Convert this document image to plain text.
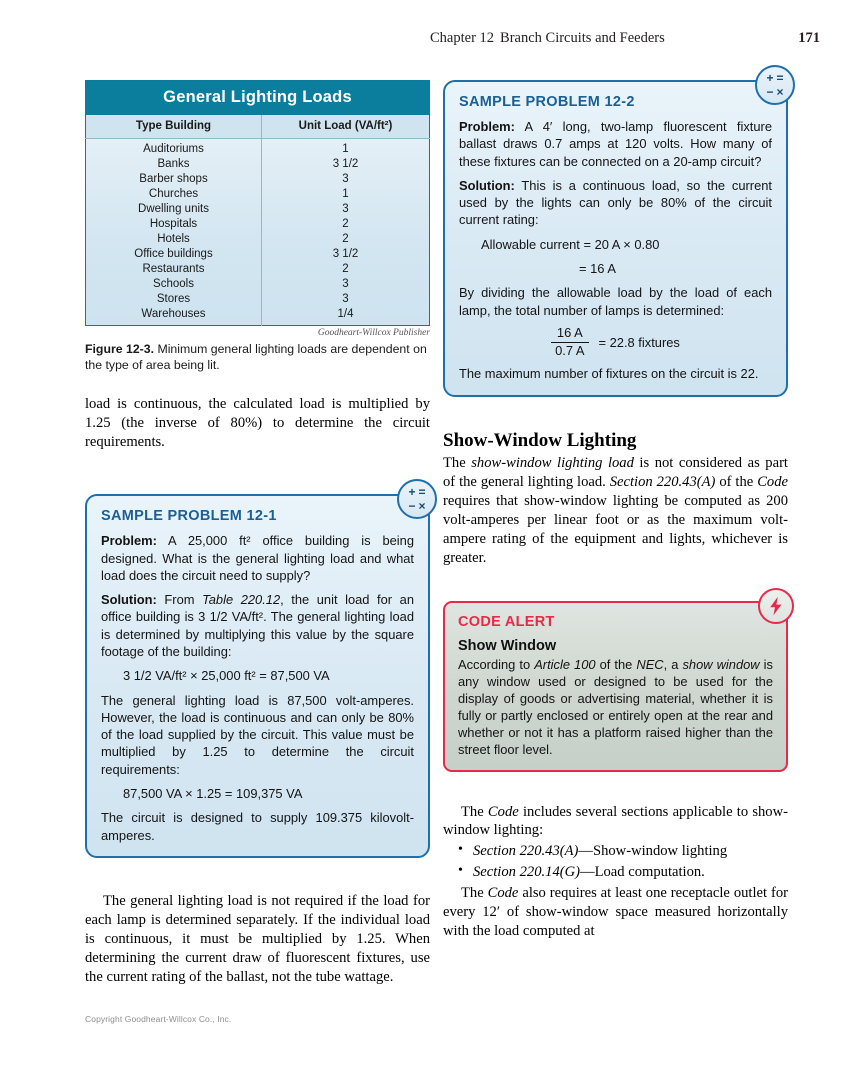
Chapter 12 Branch Circuits and Feeders	171
General Lighting Loads	
Type Building	Unit Load (VA/ft²)
Auditoriums	1
Banks	3 1/2
Barber shops	3
Churches	1
Dwelling units	3
Hospitals	2
Hotels	2
Office buildings	3 1/2
Restaurants	2
Schools	3
Stores	3
Warehouses	1/4
Goodheart-Willcox Publisher
Figure 12-3. Minimum general lighting loads are dependent on the type of area being lit.

load is continuous, the calculated load is multiplied by 1.25 (the inverse of 80%) to determine the circuit requirements.

+ =
− ×
SAMPLE PROBLEM 12-1

Problem: A 25,000 ft² office building is being designed. What is the general lighting load and what load does the circuit need to supply?

Solution: From Table 220.12, the unit load for an office building is 3 1/2 VA/ft². The general lighting load is determined by multiplying this value by the square footage of the building:

3 1/2 VA/ft² × 25,000 ft² = 87,500 VA

The general lighting load is 87,500 volt-amperes. However, the load is continuous and can only be 80% of the load supplied by the circuit. This value must be multiplied by 1.25 to determine the circuit requirements:

87,500 VA × 1.25 = 109,375 VA

The circuit is designed to supply 109.375 kilovolt-amperes.

The general lighting load is not required if the load for each lamp is determined separately. If the individual load is continuous, it must be multiplied by 1.25. When determining the current draw of fluorescent fixtures, use the current rating of the ballast, not the tube wattage.

+ =
− ×
SAMPLE PROBLEM 12-2

Problem: A 4′ long, two-lamp fluorescent fixture ballast draws 0.7 amps at 120 volts. How many of these fixtures can be connected on a 20-amp circuit?

Solution: This is a continuous load, so the current used by the lights can only be 80% of the circuit current rating:

Allowable current = 20 A × 0.80
= 16 A

By dividing the allowable load by the load of each lamp, the total number of lamps is determined:

$\frac{16 A}{0.7 A} = 22.8$ fixtures

The maximum number of fixtures on the circuit is 22.

Show-Window Lighting

The show-window lighting load is not considered as part of the general lighting load. Section 220.43(A) of the Code requires that show-window lighting be computed as 200 volt-amperes per linear foot or as the maximum volt-ampere rating of the equipment and lights, whichever is greater.

CODE ALERT
Show Window

According to Article 100 of the NEC, a show window is any window used or designed to be used for the display of goods or advertising material, whether it is fully or partly enclosed or entirely open at the rear and whether or not it has a platform raised higher than the street floor level.

The Code includes several sections applicable to show-window lighting:

• Section 220.43(A)—Show-window lighting
• Section 220.14(G)—Load computation.

The Code also requires at least one receptacle outlet for every 12′ of show-window space measured horizontally with the load computed at

Copyright Goodheart-Willcox Co., Inc.
